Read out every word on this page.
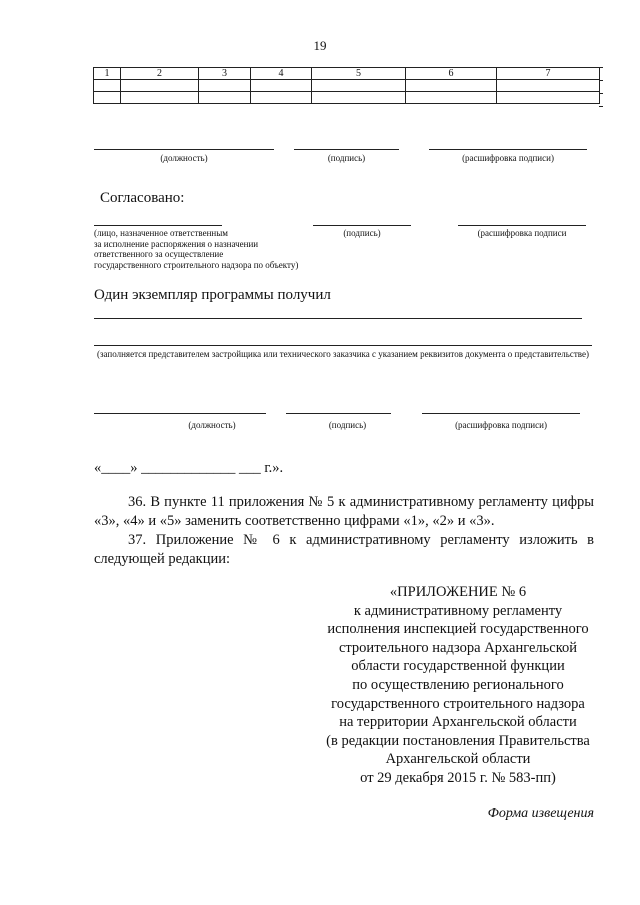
19
1	2	3	4	5	6	7

(должность)	(подпись)	(расшифровка подписи)
Согласовано:
(лицо, назначенное ответственным
за исполнение распоряжения о назначении
ответственного за осуществление
государственного строительного надзора по объекту)
(подпись)	(расшифровка подписи
Один экземпляр программы получил
(заполняется представителем застройщика или технического заказчика с указанием реквизитов документа о представительстве)
(должность)	(подпись)	(расшифровка подписи)
«____» _____________ ___ г.».
36. В пункте 11 приложения № 5 к административному регламенту цифры «3», «4» и «5» заменить соответственно цифрами «1», «2» и «3».
37. Приложение № 6 к административному регламенту изложить в следующей редакции:
«ПРИЛОЖЕНИЕ № 6
к административному регламенту
исполнения инспекцией государственного
строительного надзора Архангельской
области государственной функции
по осуществлению регионального
государственного строительного надзора
на территории Архангельской области
(в редакции постановления Правительства
Архангельской области
от 29 декабря 2015 г. № 583-пп)
Форма извещения
